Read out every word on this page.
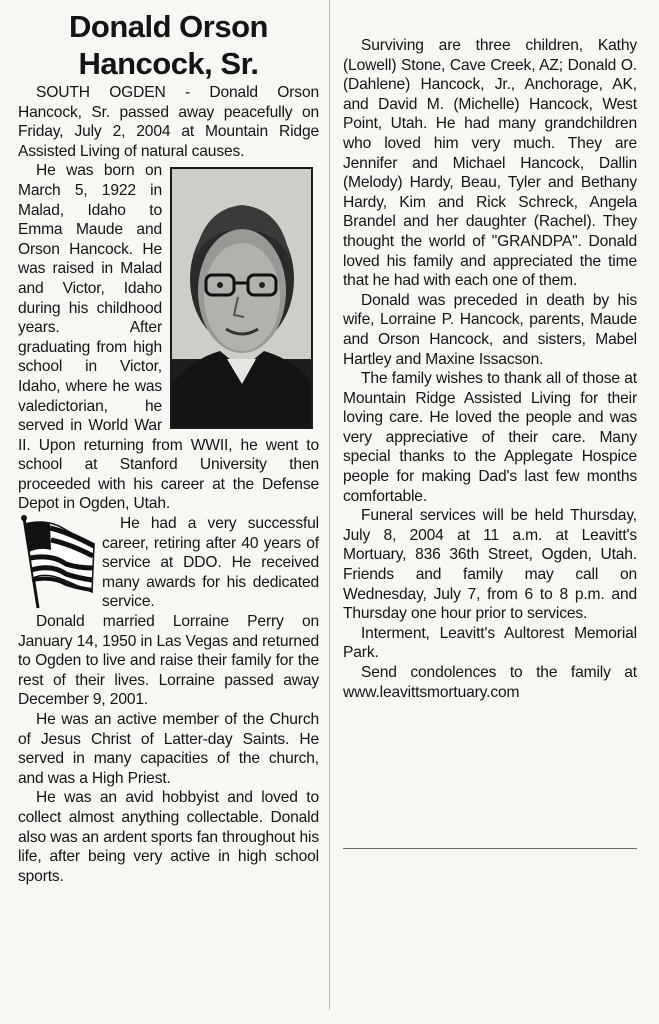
Donald Orson
Hancock, Sr.

SOUTH OGDEN - Donald Orson Hancock, Sr. passed away peacefully on Friday, July 2, 2004 at Mountain Ridge Assisted Living of natural causes.

He was born on March 5, 1922 in Malad, Idaho to Emma Maude and Orson Hancock. He was raised in Malad and Victor, Idaho during his childhood years. After graduating from high school in Victor, Idaho, where he was valedictorian, he served in World War II. Upon returning from WWII, he went to school at Stanford University then proceeded with his career at the Defense Depot in Ogden, Utah.

He had a very successful career, retiring after 40 years of service at DDO. He received many awards for his dedicated service.

Donald married Lorraine Perry on January 14, 1950 in Las Vegas and returned to Ogden to live and raise their family for the rest of their lives. Lorraine passed away December 9, 2001.

He was an active member of the Church of Jesus Christ of Latter-day Saints. He served in many capacities of the church, and was a High Priest.

He was an avid hobbyist and loved to collect almost anything collectable. Donald also was an ardent sports fan throughout his life, after being very active in high school sports.

Surviving are three children, Kathy (Lowell) Stone, Cave Creek, AZ; Donald O. (Dahlene) Hancock, Jr., Anchorage, AK, and David M. (Michelle) Hancock, West Point, Utah. He had many grandchildren who loved him very much. They are Jennifer and Michael Hancock, Dallin (Melody) Hardy, Beau, Tyler and Bethany Hardy, Kim and Rick Schreck, Angela Brandel and her daughter (Rachel). They thought the world of "GRANDPA". Donald loved his family and appreciated the time that he had with each one of them.

Donald was preceded in death by his wife, Lorraine P. Hancock, parents, Maude and Orson Hancock, and sisters, Mabel Hartley and Maxine Issacson.

The family wishes to thank all of those at Mountain Ridge Assisted Living for their loving care. He loved the people and was very appreciative of their care. Many special thanks to the Applegate Hospice people for making Dad's last few months comfortable.

Funeral services will be held Thursday, July 8, 2004 at 11 a.m. at Leavitt's Mortuary, 836 36th Street, Ogden, Utah. Friends and family may call on Wednesday, July 7, from 6 to 8 p.m. and Thursday one hour prior to services.

Interment, Leavitt's Aultorest Memorial Park.

Send condolences to the family at www.leavittsmortuary.com
